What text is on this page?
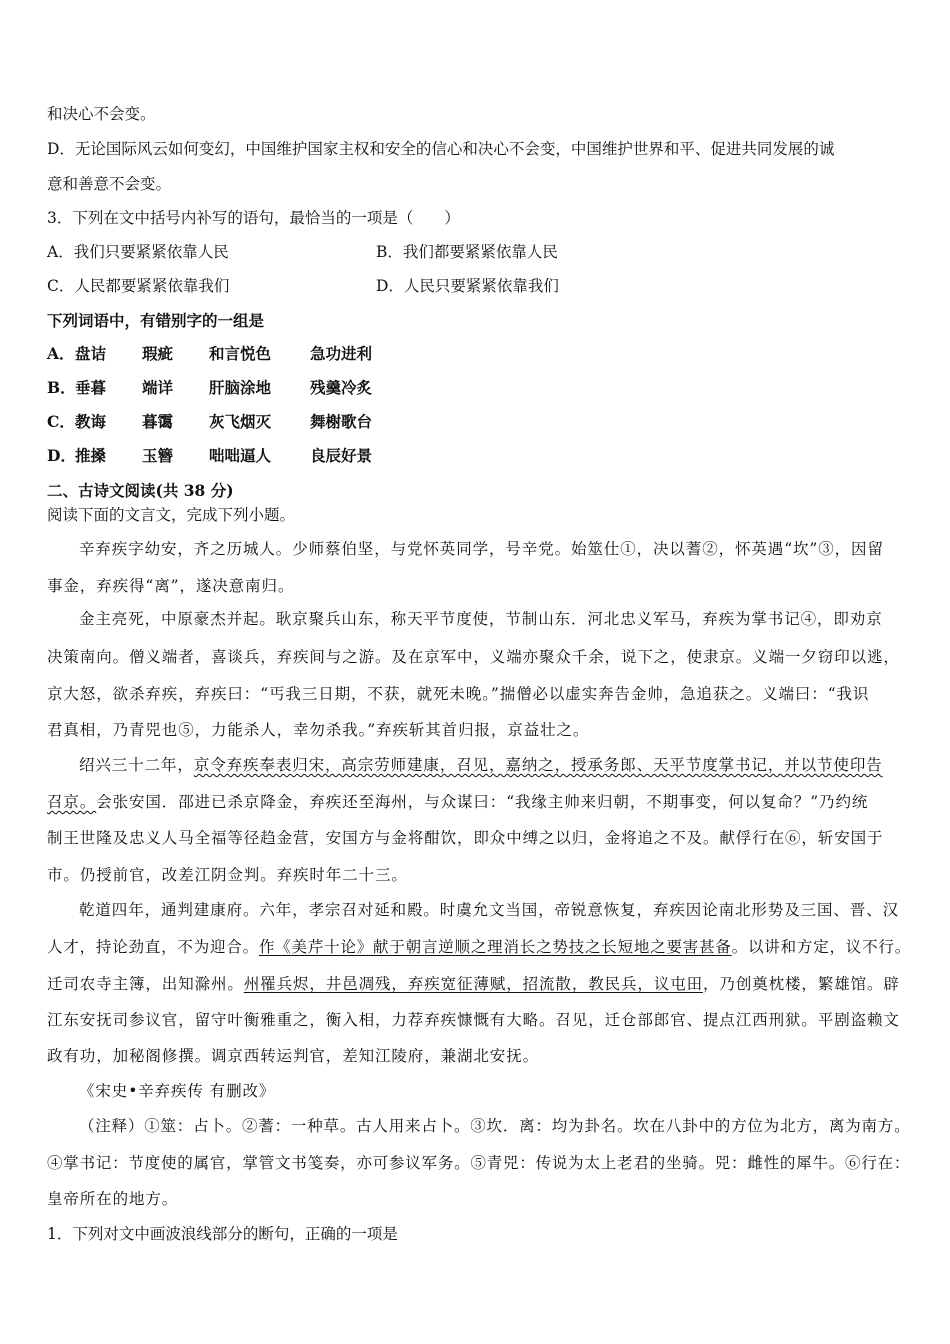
和决心不会变。
D．无论国际风云如何变幻，中国维护国家主权和安全的信心和决心不会变，中国维护世界和平、促进共同发展的诚
意和善意不会变。
3．下列在文中括号内补写的语句，最恰当的一项是（　　）
A．我们只要紧紧依靠人民	B．我们都要紧紧依靠人民
C．人民都要紧紧依靠我们	D．人民只要紧紧依靠我们
下列词语中，有错别字的一组是
A．盘诘 瑕疵 和言悦色	急功进利
B．垂暮 端详 肝脑涂地	残羹冷炙
C．教诲 暮霭 灰飞烟灭	舞榭歌台
D．推搡 玉簪 咄咄逼人	良辰好景
二、古诗文阅读(共 38 分)
阅读下面的文言文，完成下列小题。
辛弃疾字幼安，齐之历城人。少师蔡伯坚，与党怀英同学，号辛党。始筮仕①，决以蓍②，怀英遇“坎”③，因留
事金，弃疾得“离”，遂决意南归。
金主亮死，中原豪杰并起。耿京聚兵山东，称天平节度使，节制山东．河北忠义军马，弃疾为掌书记④，即劝京
决策南向。僧义端者，喜谈兵，弃疾间与之游。及在京军中，义端亦聚众千余，说下之，使隶京。义端一夕窃印以逃，
京大怒，欲杀弃疾，弃疾曰：“丐我三日期，不获，就死未晚。”揣僧必以虚实奔告金帅，急追获之。义端曰：“我识
君真相，乃青兕也⑤，力能杀人，幸勿杀我。”弃疾斩其首归报，京益壮之。
绍兴三十二年，京令弃疾奉表归宋，高宗劳师建康，召见，嘉纳之，授承务郎、天平节度掌书记，并以节使印告
召京。会张安国．邵进已杀京降金，弃疾还至海州，与众谋曰：“我缘主帅来归朝，不期事变，何以复命？”乃约统
制王世隆及忠义人马全福等径趋金营，安国方与金将酣饮，即众中缚之以归，金将追之不及。献俘行在⑥，斩安国于
市。仍授前官，改差江阴佥判。弃疾时年二十三。
乾道四年，通判建康府。六年，孝宗召对延和殿。时虞允文当国，帝锐意恢复，弃疾因论南北形势及三国、晋、汉
人才，持论劲直，不为迎合。作《美芹十论》献于朝言逆顺之理消长之势技之长短地之要害甚备。以讲和方定，议不行。
迁司农寺主簿，出知滁州。州罹兵烬，井邑凋残，弃疾宽征薄赋，招流散，教民兵，议屯田，乃创奠枕楼，繁雄馆。辟
江东安抚司参议官，留守叶衡雅重之，衡入相，力荐弃疾慷慨有大略。召见，迁仓部郎官、提点江西刑狱。平剧盗赖文
政有功，加秘阁修撰。调京西转运判官，差知江陵府，兼湖北安抚。
《宋史•辛弃疾传 有删改》
（注释）①筮：占卜。②蓍：一种草。古人用来占卜。③坎．离：均为卦名。坎在八卦中的方位为北方，离为南方。
④掌书记：节度使的属官，掌管文书笺奏，亦可参议军务。⑤青兕：传说为太上老君的坐骑。兕：雌性的犀牛。⑥行在：
皇帝所在的地方。
1．下列对文中画波浪线部分的断句，正确的一项是
